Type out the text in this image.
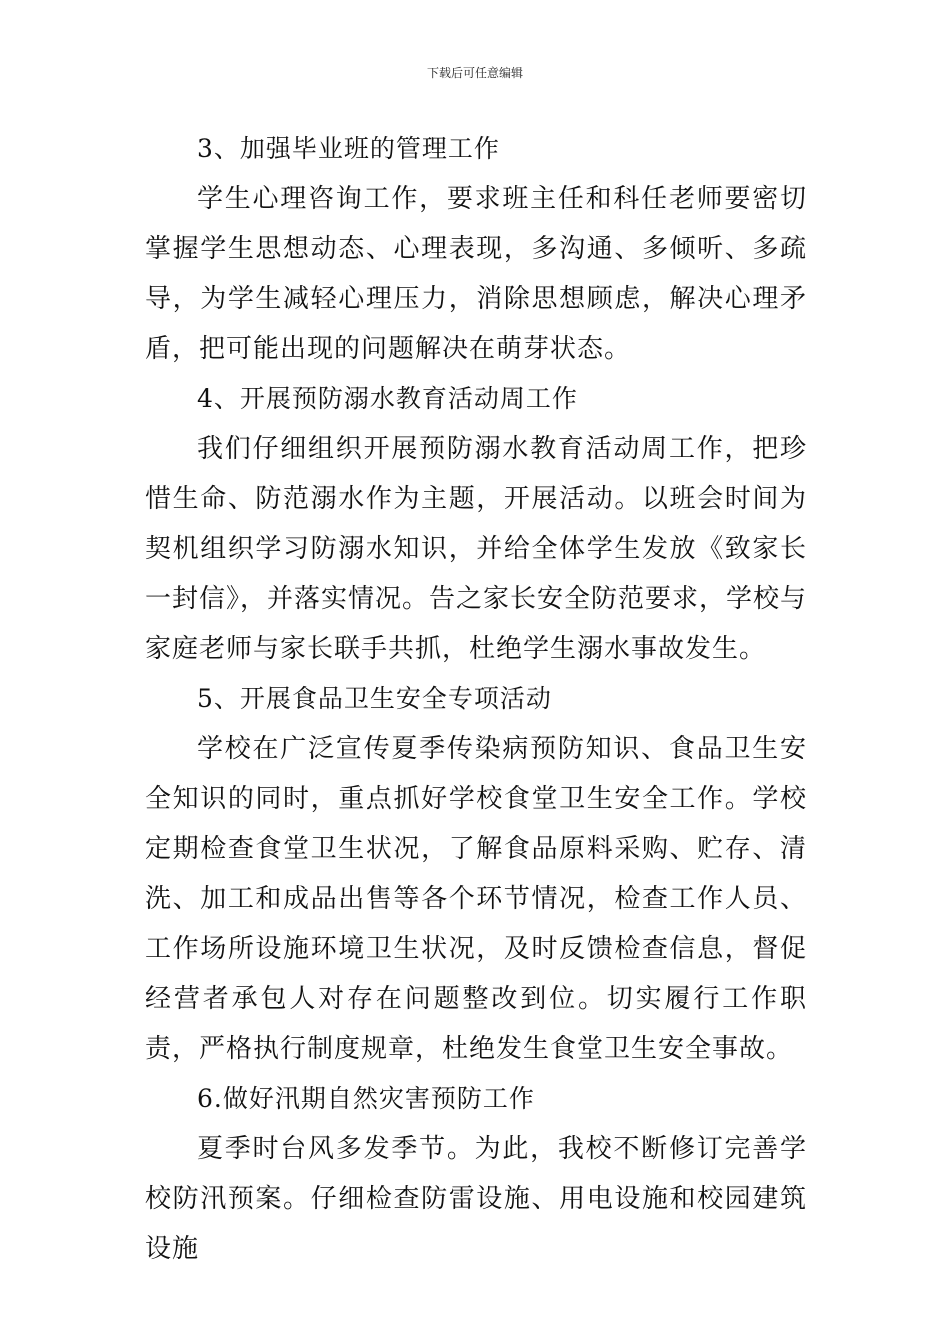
下载后可任意编辑

3、加强毕业班的管理工作

学生心理咨询工作，要求班主任和科任老师要密切掌握学生思想动态、心理表现，多沟通、多倾听、多疏导，为学生减轻心理压力，消除思想顾虑，解决心理矛盾，把可能出现的问题解决在萌芽状态。

4、开展预防溺水教育活动周工作

我们仔细组织开展预防溺水教育活动周工作，把珍惜生命、防范溺水作为主题，开展活动。以班会时间为契机组织学习防溺水知识，并给全体学生发放《致家长一封信》，并落实情况。告之家长安全防范要求，学校与家庭老师与家长联手共抓，杜绝学生溺水事故发生。

5、开展食品卫生安全专项活动

学校在广泛宣传夏季传染病预防知识、食品卫生安全知识的同时，重点抓好学校食堂卫生安全工作。学校定期检查食堂卫生状况，了解食品原料采购、贮存、清洗、加工和成品出售等各个环节情况，检查工作人员、工作场所设施环境卫生状况，及时反馈检查信息，督促经营者承包人对存在问题整改到位。切实履行工作职责，严格执行制度规章，杜绝发生食堂卫生安全事故。

6.做好汛期自然灾害预防工作

夏季时台风多发季节。为此，我校不断修订完善学校防汛预案。仔细检查防雷设施、用电设施和校园建筑设施
